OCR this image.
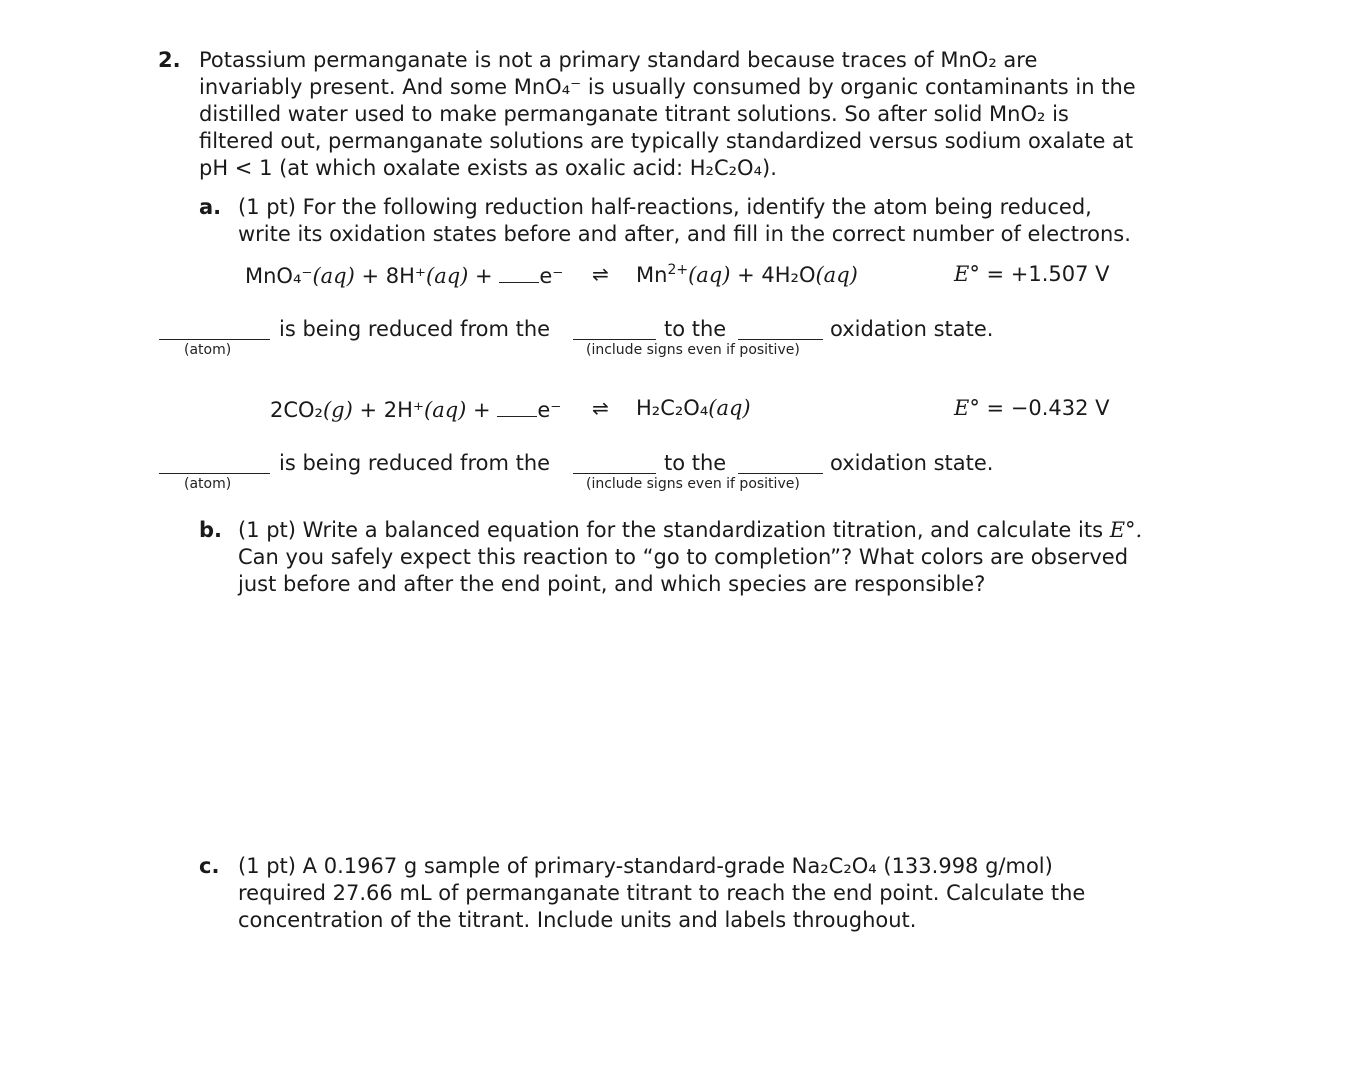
2. Potassium permanganate is not a primary standard because traces of MnO₂ are
invariably present. And some MnO₄⁻ is usually consumed by organic contaminants in the
distilled water used to make permanganate titrant solutions. So after solid MnO₂ is
filtered out, permanganate solutions are typically standardized versus sodium oxalate at
pH < 1 (at which oxalate exists as oxalic acid: H₂C₂O₄).
a. (1 pt) For the following reduction half-reactions, identify the atom being reduced,
write its oxidation states before and after, and fill in the correct number of electrons.
MnO₄⁻(aq) + 8H⁺(aq) + e⁻ ⇌ $Mn^{2+}(aq) + 4H_2O(aq)$	E° = +1.507 V
is being reduced from the	to the	oxidation state.
(atom)	(include signs even if positive)
2CO₂(g) + 2H⁺(aq) + e⁻ ⇌ H₂C₂O₄(aq)	E° = −0.432 V
is being reduced from the	to the	oxidation state.
(atom)	(include signs even if positive)
b. (1 pt) Write a balanced equation for the standardization titration, and calculate its E°.
Can you safely expect this reaction to “go to completion”? What colors are observed
just before and after the end point, and which species are responsible?
c. (1 pt) A 0.1967 g sample of primary-standard-grade Na₂C₂O₄ (133.998 g/mol)
required 27.66 mL of permanganate titrant to reach the end point. Calculate the
concentration of the titrant. Include units and labels throughout.
